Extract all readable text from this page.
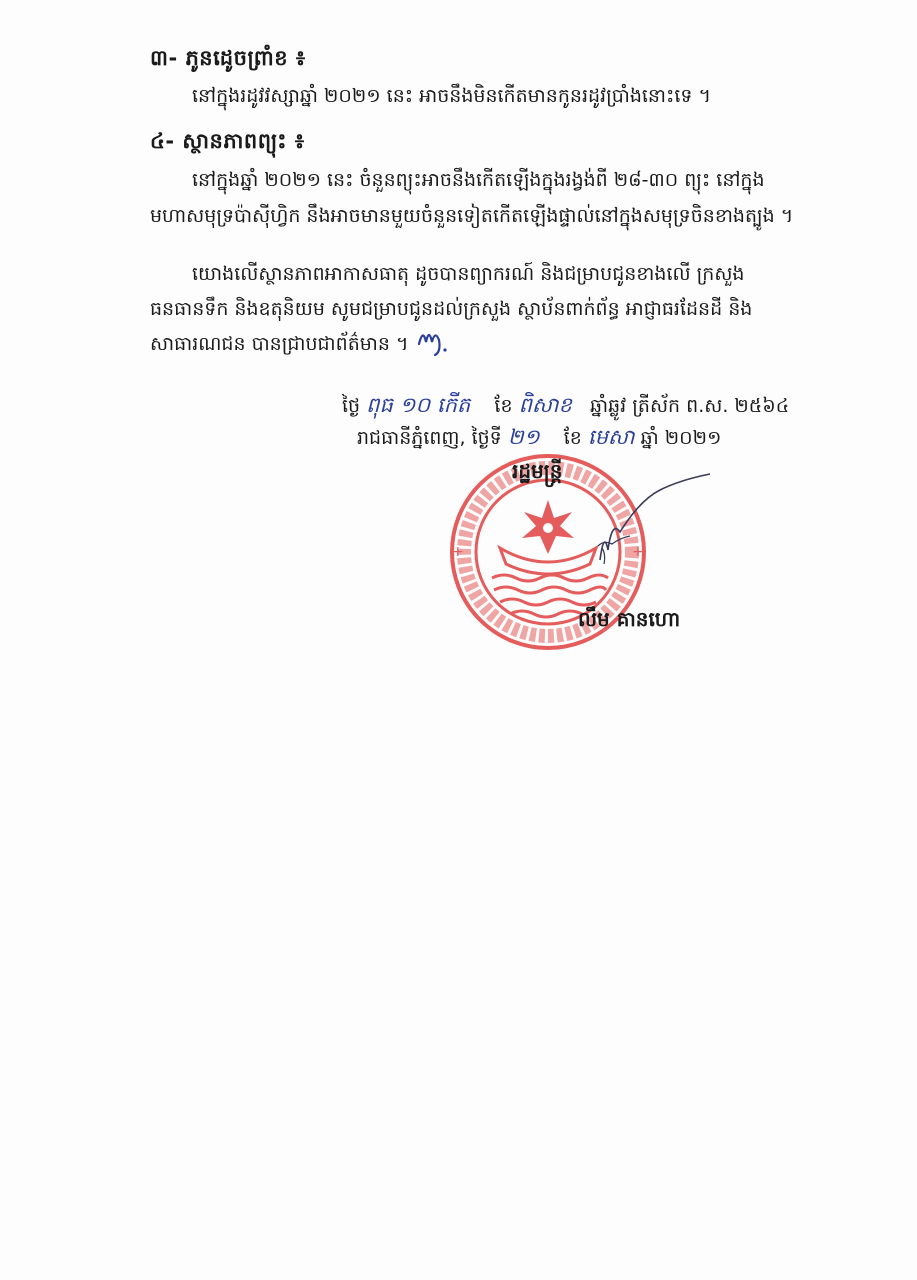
៣- ភូនដេូចព្រាំខ ៖
នៅក្នុងរដូវវស្សាឆ្នាំ ២០២១ នេះ អាចនឹងមិនកើតមានកូនរដូវប្រាំងនោះទេ ។
៤- ស្ថានភាពព្យុះ ៖
នៅក្នុងឆ្នាំ ២០២១ នេះ ចំនួនព្យុះអាចនឹងកើតឡើងក្នុងរង្វង់ពី ២៨-៣០ ព្យុះ នៅក្នុង
មហាសមុទ្រប៉ាស៊ីហ្វិក នឹងអាចមានមួយចំនួនទៀតកើតឡើងផ្ទាល់នៅក្នុងសមុទ្រចិនខាងត្បូង ។
យោងលើស្ថានភាពអាកាសធាតុ ដូចបានព្យាករណ៍ និងជម្រាបជូនខាងលើ ក្រសួង
ធនធានទឹក និងឧតុនិយម សូមជម្រាបជូនដល់ក្រសួង ស្ថាប័នពាក់ព័ន្ធ អាជ្ញាធរដែនដី និង
សាធារណជន បានជ្រាបជាព័ត៌មាន ។
ថ្ងៃ ពុធ ១០ កើត ខែ ពិសាខ ឆ្នាំឆ្លូវ ត្រីស័ក ព.ស. ២៥៦៤
រាជធានីភ្នំពេញ, ថ្ងៃទី ២១ ខែ មេសា ឆ្នាំ ២០២១
+	+
រដ្ឋមន្ត្រី
លឹម គានហោ
